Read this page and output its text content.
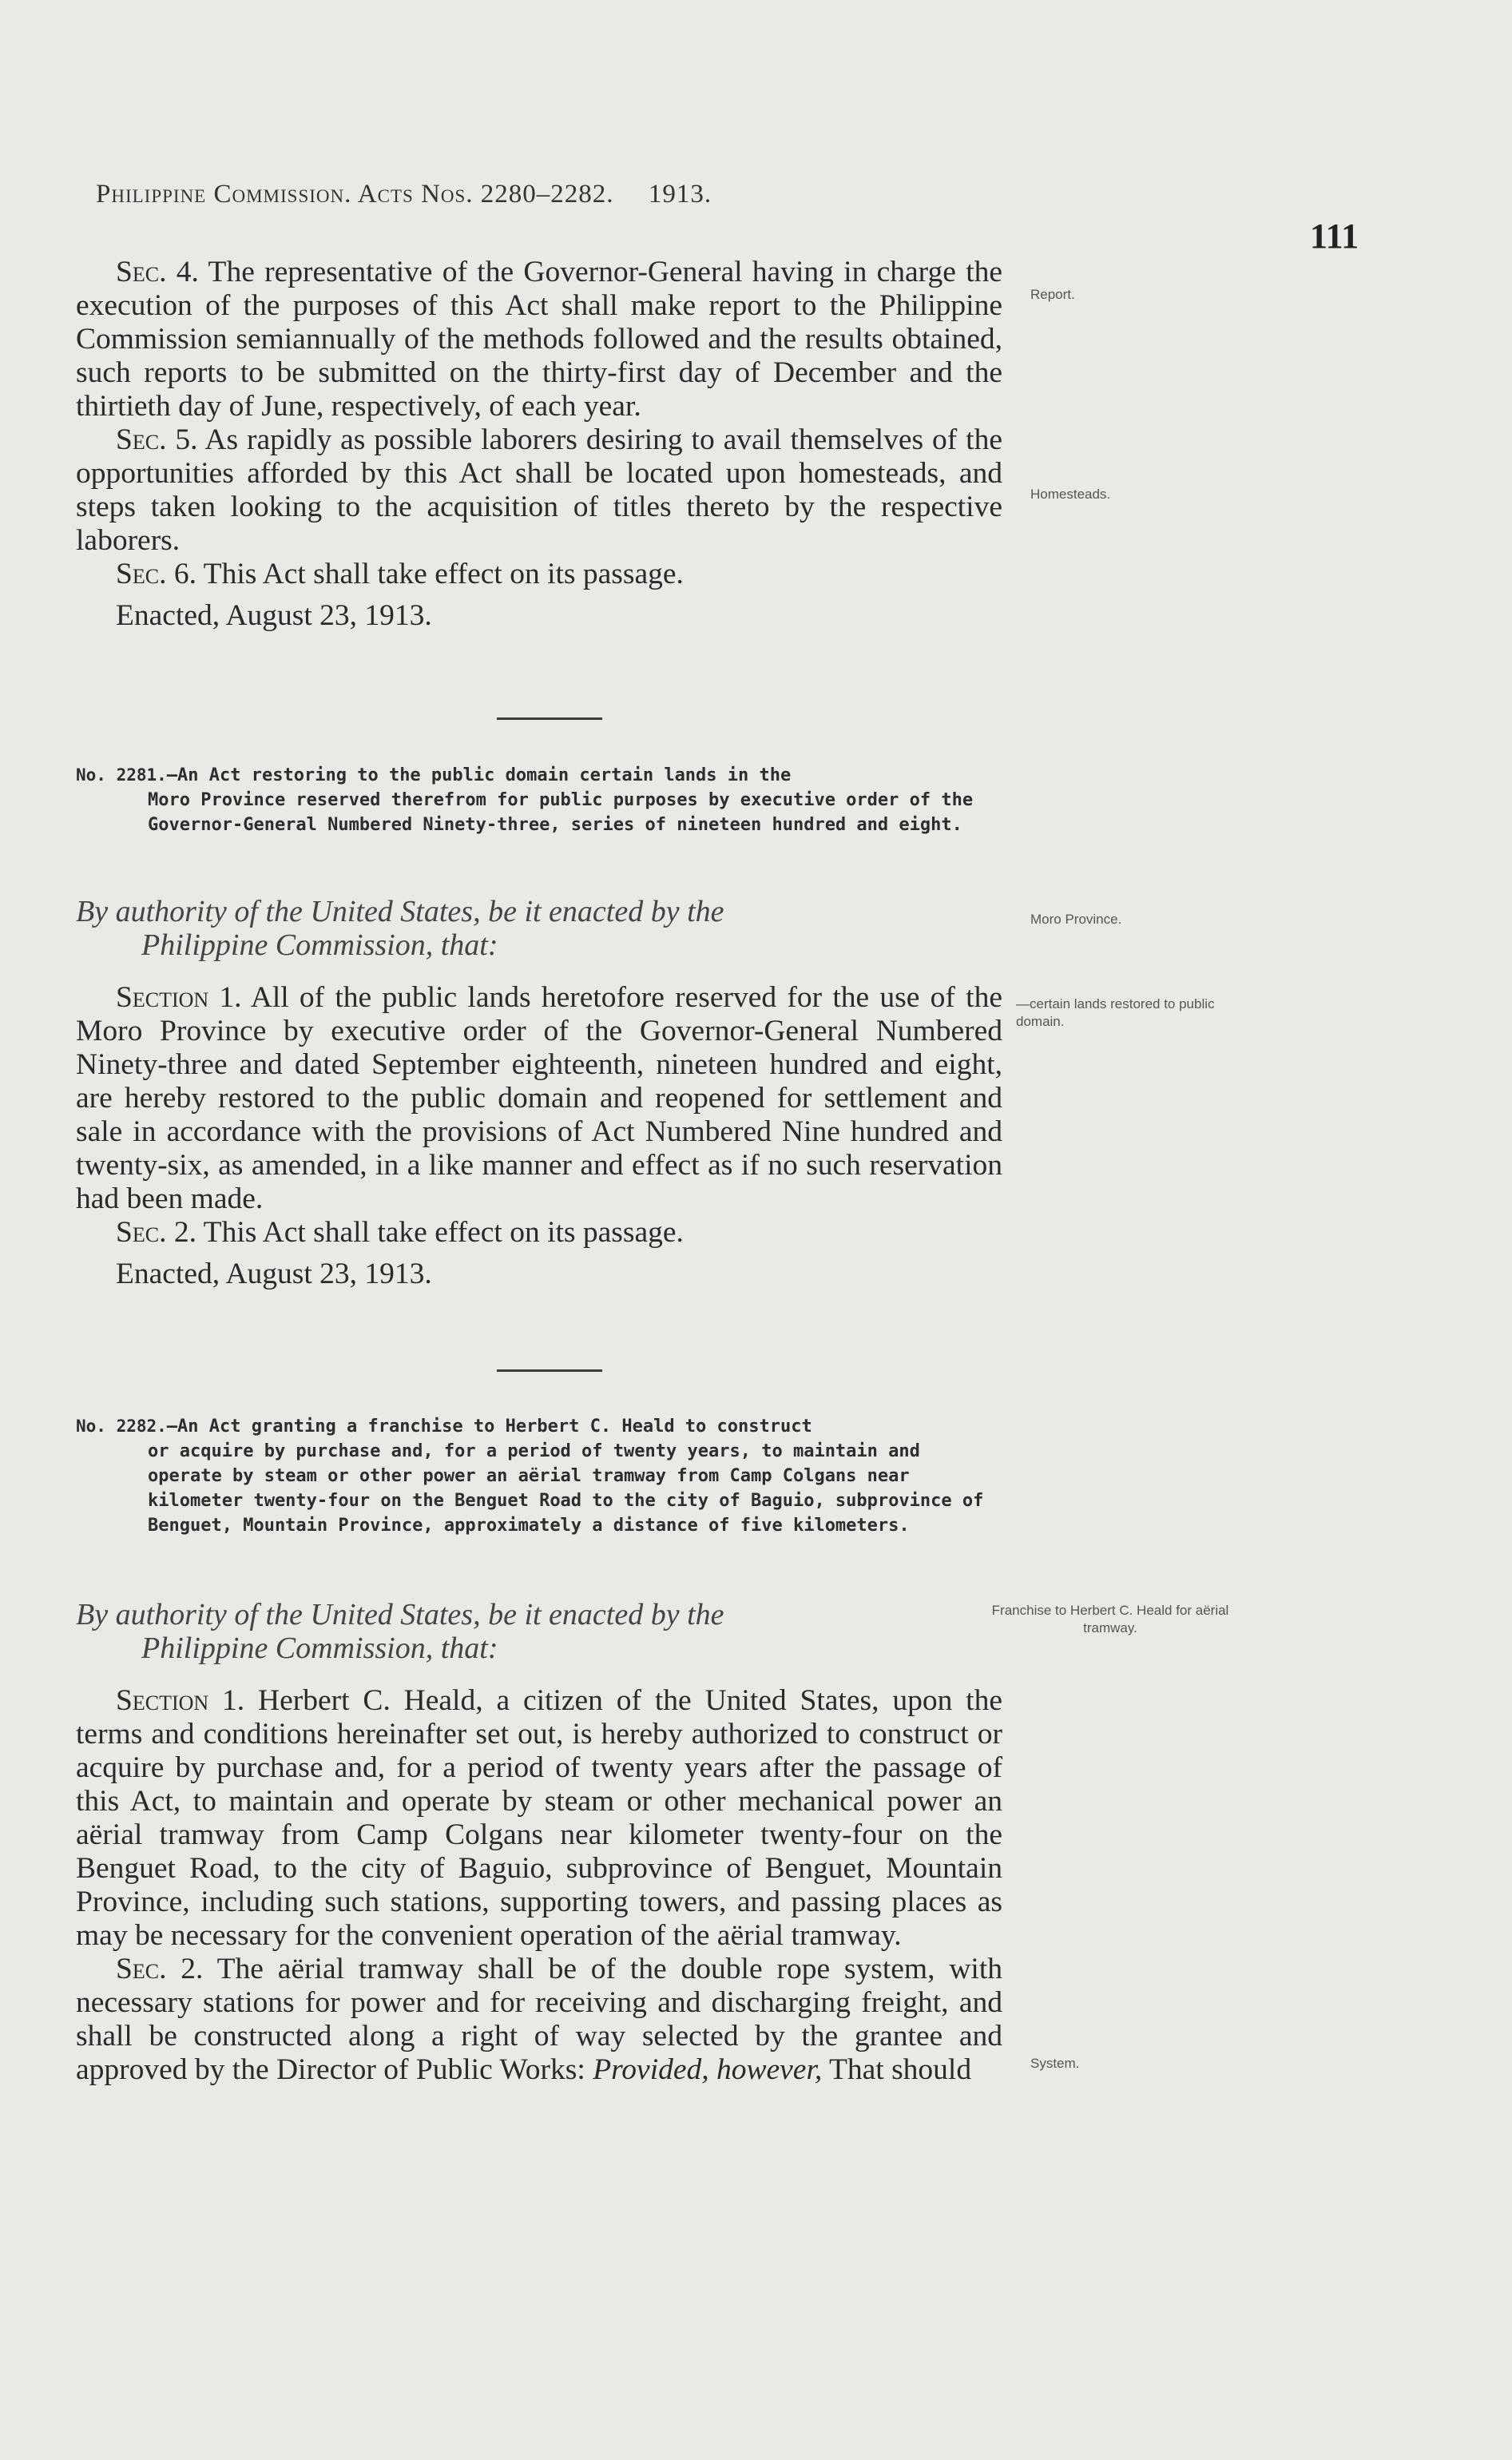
Philippine Commission. Acts Nos. 2280–2282. 1913.
111

Sec. 4. The representative of the Governor-General having in charge the execution of the purposes of this Act shall make report to the Philippine Commission semiannually of the methods followed and the results obtained, such reports to be submitted on the thirty-first day of December and the thirtieth day of June, respectively, of each year.

Sec. 5. As rapidly as possible laborers desiring to avail themselves of the opportunities afforded by this Act shall be located upon homesteads, and steps taken looking to the acquisition of titles thereto by the respective laborers.

Sec. 6. This Act shall take effect on its passage.

Enacted, August 23, 1913.

No. 2281.—An Act restoring to the public domain certain lands in the
Moro Province reserved therefrom for public purposes by executive order of the Governor-General Numbered Ninety-three, series of nineteen hundred and eight.
By authority of the United States, be it enacted by the
Philippine Commission, that:

Section 1. All of the public lands heretofore reserved for the use of the Moro Province by executive order of the Governor-General Numbered Ninety-three and dated September eighteenth, nineteen hundred and eight, are hereby restored to the public domain and reopened for settlement and sale in accordance with the provisions of Act Numbered Nine hundred and twenty-six, as amended, in a like manner and effect as if no such reservation had been made.

Sec. 2. This Act shall take effect on its passage.

Enacted, August 23, 1913.

No. 2282.—An Act granting a franchise to Herbert C. Heald to construct
or acquire by purchase and, for a period of twenty years, to maintain and operate by steam or other power an aërial tramway from Camp Colgans near kilometer twenty-four on the Benguet Road to the city of Baguio, subprovince of Benguet, Mountain Province, approximately a distance of five kilometers.
By authority of the United States, be it enacted by the
Philippine Commission, that:

Section 1. Herbert C. Heald, a citizen of the United States, upon the terms and conditions hereinafter set out, is hereby authorized to construct or acquire by purchase and, for a period of twenty years after the passage of this Act, to maintain and operate by steam or other mechanical power an aërial tramway from Camp Colgans near kilometer twenty-four on the Benguet Road, to the city of Baguio, subprovince of Benguet, Mountain Province, including such stations, supporting towers, and passing places as may be necessary for the convenient operation of the aërial tramway.

Sec. 2. The aërial tramway shall be of the double rope system, with necessary stations for power and for receiving and discharging freight, and shall be constructed along a right of way selected by the grantee and approved by the Director of Public Works: Provided, however, That should

Report.
Homesteads.
Moro Province.
—certain lands restored to public domain.
Franchise to Herbert C. Heald for aërial tramway.
System.
